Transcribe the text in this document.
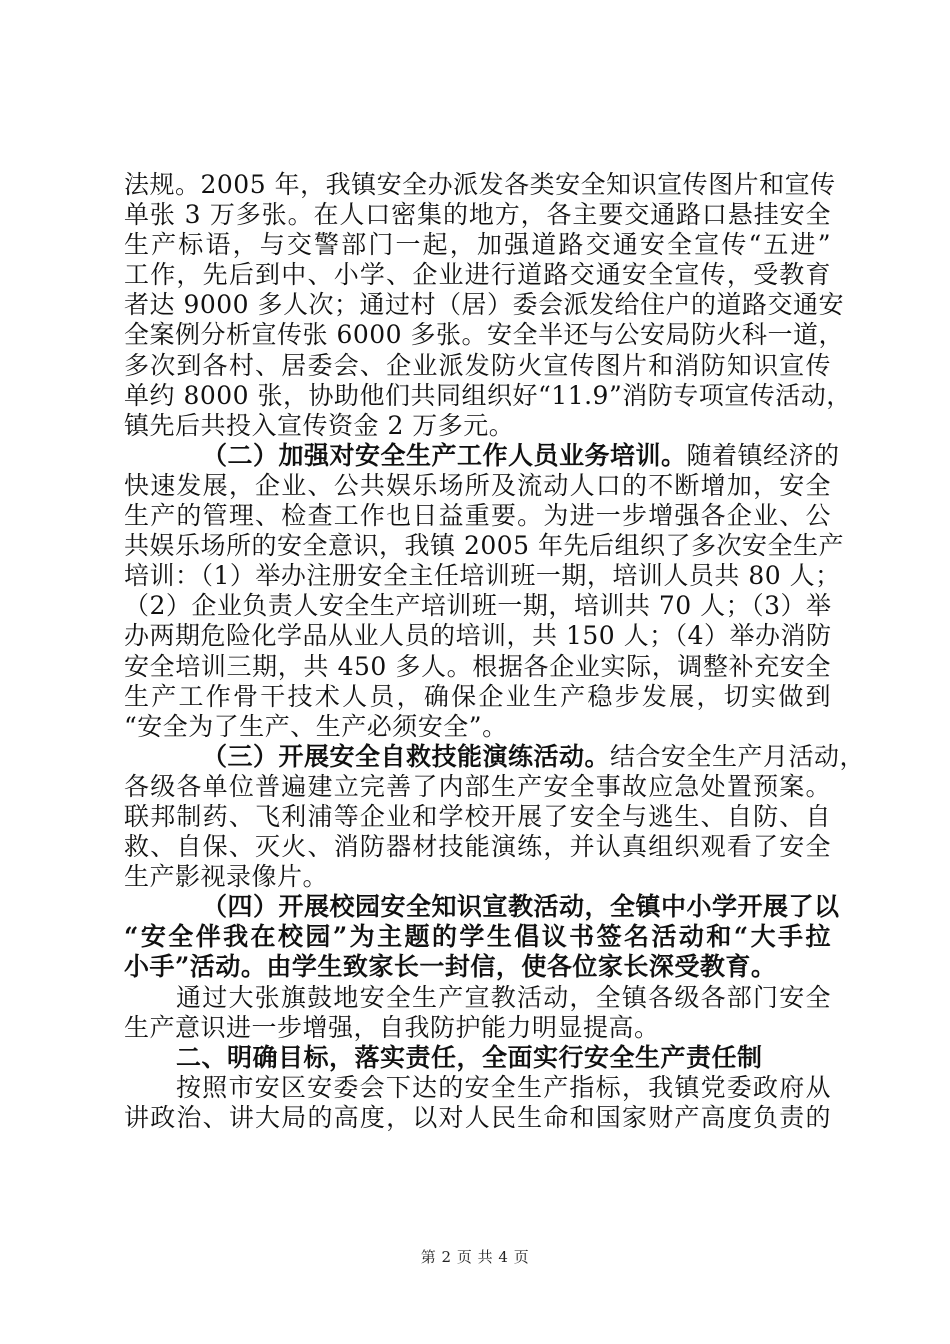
法规。2005 年，我镇安全办派发各类安全知识宣传图片和宣传
单张 3 万多张。在人口密集的地方，各主要交通路口悬挂安全
生产标语，与交警部门一起，加强道路交通安全宣传“五进”
工作，先后到中、小学、企业进行道路交通安全宣传，受教育
者达 9000 多人次；通过村（居）委会派发给住户的道路交通安
全案例分析宣传张 6000 多张。安全半还与公安局防火科一道，
多次到各村、居委会、企业派发防火宣传图片和消防知识宣传
单约 8000 张，协助他们共同组织好“11.9”消防专项宣传活动，
镇先后共投入宣传资金 2 万多元。
（二）加强对安全生产工作人员业务培训。随着镇经济的
快速发展，企业、公共娱乐场所及流动人口的不断增加，安全
生产的管理、检查工作也日益重要。为进一步增强各企业、公
共娱乐场所的安全意识，我镇 2005 年先后组织了多次安全生产
培训：（1）举办注册安全主任培训班一期，培训人员共 80 人；
（2）企业负责人安全生产培训班一期，培训共 70 人；（3）举
办两期危险化学品从业人员的培训，共 150 人；（4）举办消防
安全培训三期，共 450 多人。根据各企业实际，调整补充安全
生产工作骨干技术人员，确保企业生产稳步发展，切实做到
“安全为了生产、生产必须安全”。
（三）开展安全自救技能演练活动。结合安全生产月活动，
各级各单位普遍建立完善了内部生产安全事故应急处置预案。
联邦制药、飞利浦等企业和学校开展了安全与逃生、自防、自
救、自保、灭火、消防器材技能演练，并认真组织观看了安全
生产影视录像片。
（四）开展校园安全知识宣教活动，全镇中小学开展了以
“安全伴我在校园”为主题的学生倡议书签名活动和“大手拉
小手”活动。由学生致家长一封信，使各位家长深受教育。
通过大张旗鼓地安全生产宣教活动，全镇各级各部门安全
生产意识进一步增强，自我防护能力明显提高。
二、明确目标，落实责任，全面实行安全生产责任制
按照市安区安委会下达的安全生产指标，我镇党委政府从
讲政治、讲大局的高度，以对人民生命和国家财产高度负责的
第 2 页 共 4 页
